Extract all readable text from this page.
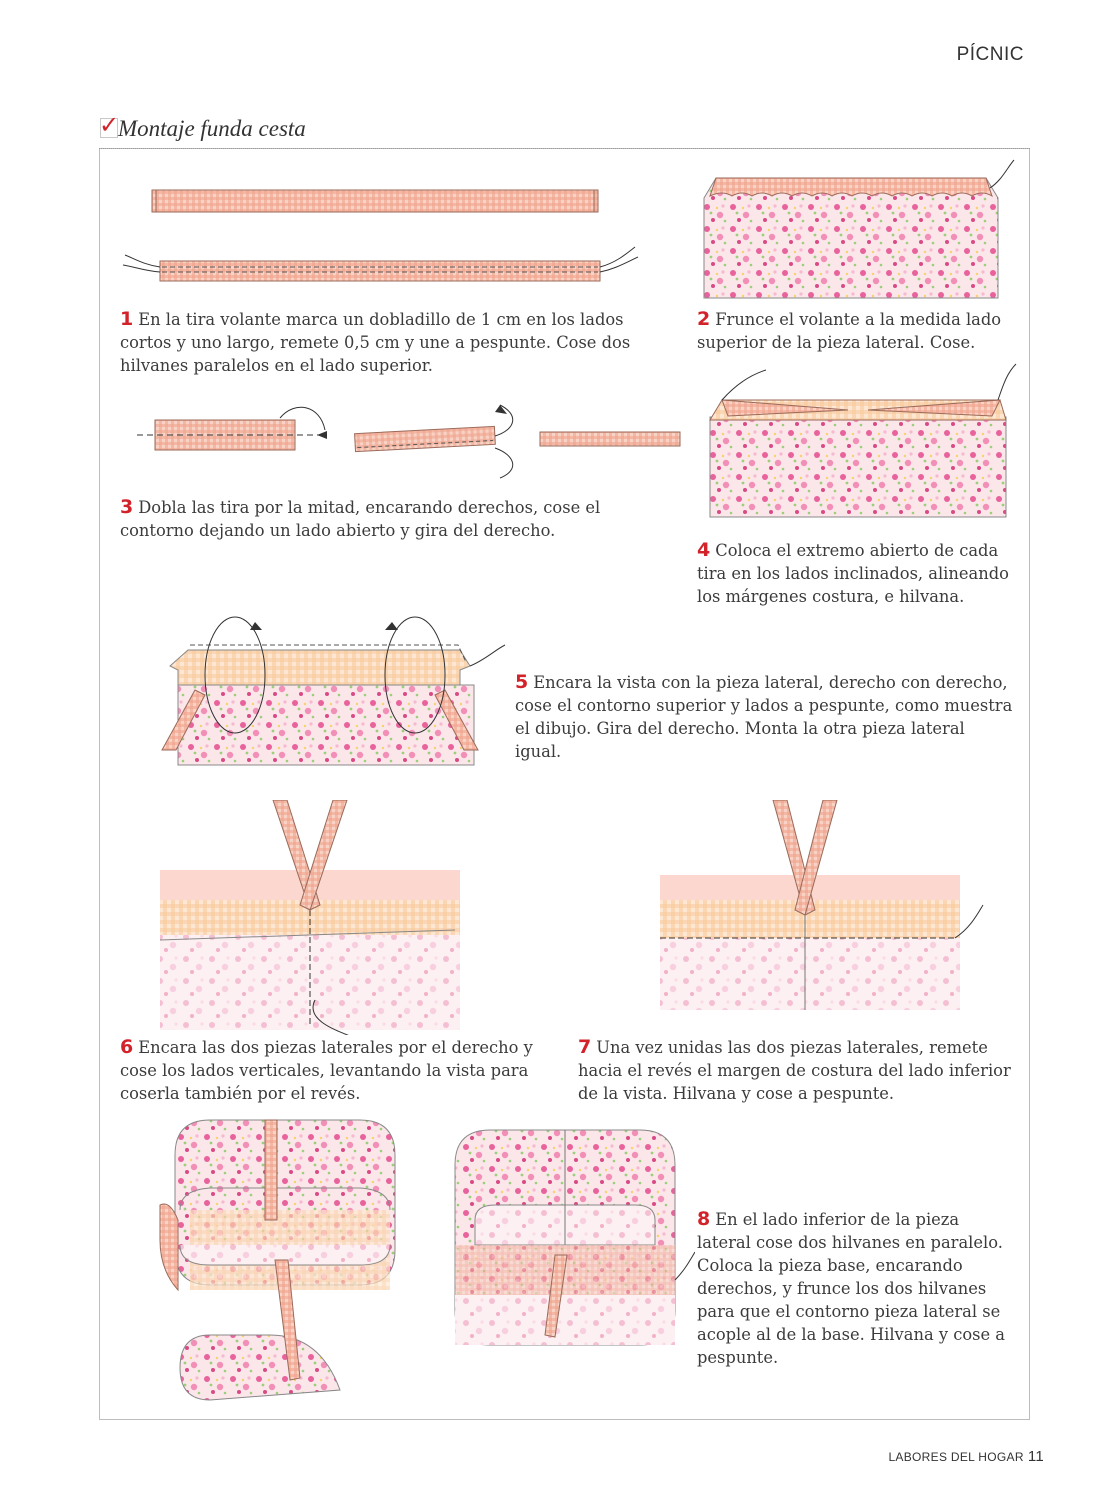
PÍCNIC
✓
Montaje funda cesta
1 En la tira volante marca un dobladillo de 1 cm en los lados cortos y uno largo, remete 0,5 cm y une a pespunte. Cose dos hilvanes paralelos en el lado superior.
2 Frunce el volante a la medida lado superior de la pieza lateral. Cose.
3 Dobla las tira por la mitad, encarando derechos, cose el contorno dejando un lado abierto y gira del derecho.
4 Coloca el extremo abierto de cada tira en los lados inclinados, alineando los márgenes costura, e hilvana.
5 Encara la vista con la pieza lateral, derecho con derecho, cose el contorno superior y lados a pespunte, como muestra el dibujo. Gira del derecho. Monta la otra pieza lateral igual.
6 Encara las dos piezas laterales por el derecho y cose los lados verticales, levantando la vista para coserla también por el revés.
7 Una vez unidas las dos piezas laterales, remete hacia el revés el margen de costura del lado inferior de la vista. Hilvana y cose a pespunte.
8 En el lado inferior de la pieza lateral cose dos hilvanes en paralelo. Coloca la pieza base, encarando derechos, y frunce los dos hilvanes para que el contorno pieza lateral se acople al de la base. Hilvana y cose a pespunte.
LABORES DEL HOGAR 11
